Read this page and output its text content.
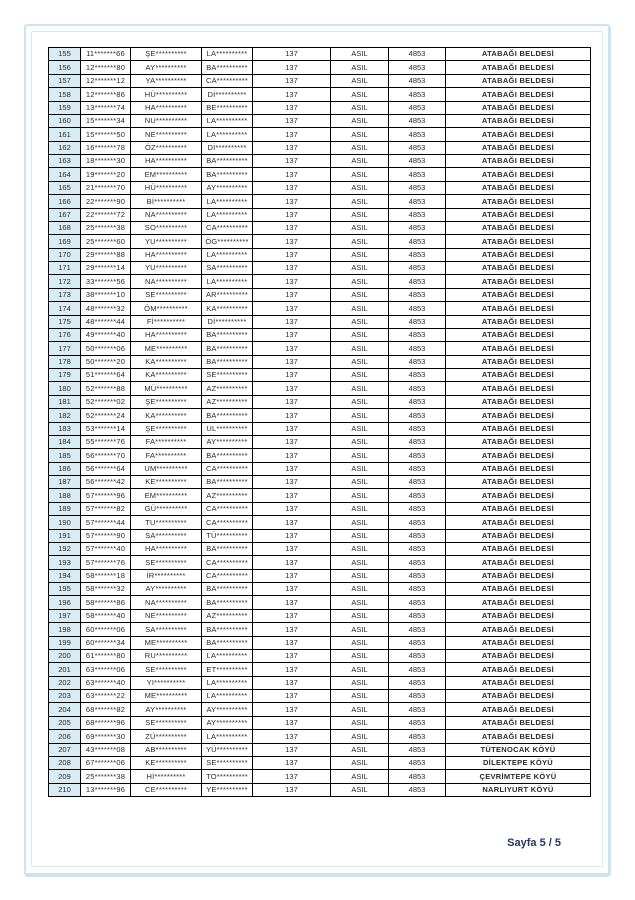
155	11*******66	ŞE**********	LA**********	137	ASIL	4853	ATABAĞI BELDESİ
156	12*******80	AY**********	BA**********	137	ASIL	4853	ATABAĞI BELDESİ
157	12*******12	YA**********	CA**********	137	ASIL	4853	ATABAĞI BELDESİ
158	12*******86	HÜ**********	Dİ**********	137	ASIL	4853	ATABAĞI BELDESİ
159	13*******74	HA**********	BE**********	137	ASIL	4853	ATABAĞI BELDESİ
160	15*******34	NU**********	LA**********	137	ASIL	4853	ATABAĞI BELDESİ
161	15*******50	NE**********	LA**********	137	ASIL	4853	ATABAĞI BELDESİ
162	16*******78	ÖZ**********	Dİ**********	137	ASIL	4853	ATABAĞI BELDESİ
163	18*******30	HA**********	BA**********	137	ASIL	4853	ATABAĞI BELDESİ
164	19*******20	EM**********	BA**********	137	ASIL	4853	ATABAĞI BELDESİ
165	21*******70	HÜ**********	AY**********	137	ASIL	4853	ATABAĞI BELDESİ
166	22*******90	Bİ**********	LA**********	137	ASIL	4853	ATABAĞI BELDESİ
167	22*******72	NA**********	LA**********	137	ASIL	4853	ATABAĞI BELDESİ
168	25*******38	SO**********	CA**********	137	ASIL	4853	ATABAĞI BELDESİ
169	25*******60	YU**********	ÖG**********	137	ASIL	4853	ATABAĞI BELDESİ
170	29*******88	HA**********	LA**********	137	ASIL	4853	ATABAĞI BELDESİ
171	29*******14	YU**********	SA**********	137	ASIL	4853	ATABAĞI BELDESİ
172	33*******56	NA**********	LA**********	137	ASIL	4853	ATABAĞI BELDESİ
173	38*******10	SE**********	AR**********	137	ASIL	4853	ATABAĞI BELDESİ
174	48*******32	ÖM**********	KA**********	137	ASIL	4853	ATABAĞI BELDESİ
175	48*******44	Fİ**********	Dİ**********	137	ASIL	4853	ATABAĞI BELDESİ
176	49*******40	HA**********	BA**********	137	ASIL	4853	ATABAĞI BELDESİ
177	50*******06	ME**********	BA**********	137	ASIL	4853	ATABAĞI BELDESİ
178	50*******20	KA**********	BA**********	137	ASIL	4853	ATABAĞI BELDESİ
179	51*******64	KA**********	SE**********	137	ASIL	4853	ATABAĞI BELDESİ
180	52*******88	MÜ**********	AZ**********	137	ASIL	4853	ATABAĞI BELDESİ
181	52*******02	ŞE**********	AZ**********	137	ASIL	4853	ATABAĞI BELDESİ
182	52*******24	KA**********	BA**********	137	ASIL	4853	ATABAĞI BELDESİ
183	53*******14	ŞE**********	UL**********	137	ASIL	4853	ATABAĞI BELDESİ
184	55*******76	FA**********	AY**********	137	ASIL	4853	ATABAĞI BELDESİ
185	56*******70	FA**********	BA**********	137	ASIL	4853	ATABAĞI BELDESİ
186	56*******64	UM**********	CA**********	137	ASIL	4853	ATABAĞI BELDESİ
187	56*******42	KE**********	BA**********	137	ASIL	4853	ATABAĞI BELDESİ
188	57*******96	EM**********	AZ**********	137	ASIL	4853	ATABAĞI BELDESİ
189	57*******82	GÜ**********	CA**********	137	ASIL	4853	ATABAĞI BELDESİ
190	57*******44	TU**********	CA**********	137	ASIL	4853	ATABAĞI BELDESİ
191	57*******90	SA**********	TÜ**********	137	ASIL	4853	ATABAĞI BELDESİ
192	57*******40	HA**********	BA**********	137	ASIL	4853	ATABAĞI BELDESİ
193	57*******76	SE**********	CA**********	137	ASIL	4853	ATABAĞI BELDESİ
194	58*******18	İR**********	CA**********	137	ASIL	4853	ATABAĞI BELDESİ
195	58*******32	AY**********	BA**********	137	ASIL	4853	ATABAĞI BELDESİ
196	58*******86	NA**********	BA**********	137	ASIL	4853	ATABAĞI BELDESİ
197	58*******40	NE**********	AZ**********	137	ASIL	4853	ATABAĞI BELDESİ
198	60*******06	SA**********	BA**********	137	ASIL	4853	ATABAĞI BELDESİ
199	60*******34	ME**********	BA**********	137	ASIL	4853	ATABAĞI BELDESİ
200	61*******80	RU**********	LA**********	137	ASIL	4853	ATABAĞI BELDESİ
201	63*******06	SE**********	ET**********	137	ASIL	4853	ATABAĞI BELDESİ
202	63*******40	YI**********	LA**********	137	ASIL	4853	ATABAĞI BELDESİ
203	63*******22	ME**********	LA**********	137	ASIL	4853	ATABAĞI BELDESİ
204	68*******82	AY**********	AY**********	137	ASIL	4853	ATABAĞI BELDESİ
205	68*******96	SE**********	AY**********	137	ASIL	4853	ATABAĞI BELDESİ
206	69*******30	ZÜ**********	LA**********	137	ASIL	4853	ATABAĞI BELDESİ
207	43*******08	AB**********	YÜ**********	137	ASIL	4853	TÜTENOCAK KÖYÜ
208	67*******06	KE**********	SE**********	137	ASIL	4853	DİLEKTEPE KÖYÜ
209	25*******38	Hİ**********	TO**********	137	ASIL	4853	ÇEVRİMTEPE KÖYÜ
210	13*******96	CE**********	YE**********	137	ASIL	4853	NARLIYURT KÖYÜ
Sayfa 5 / 5
